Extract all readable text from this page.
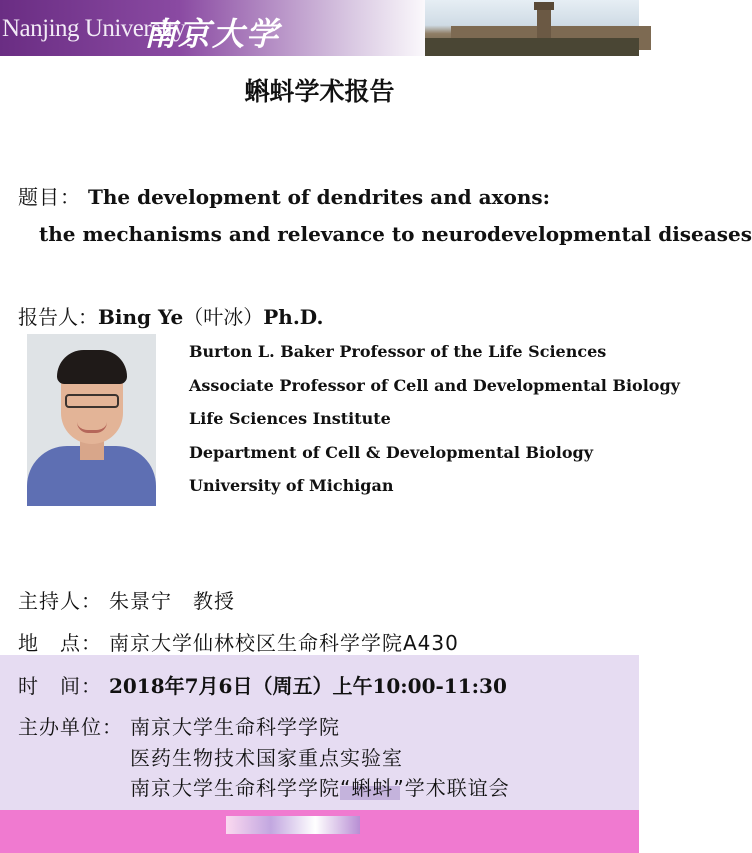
Nanjing University
南京大学
蝌蚪学术报告
题目： The development of dendrites and axons:
the mechanisms and relevance to neurodevelopmental diseases
报告人：Bing Ye（叶冰）Ph.D.
Burton L. Baker Professor of the Life Sciences
Associate Professor of Cell and Developmental Biology
Life Sciences Institute
Department of Cell & Developmental Biology
University of Michigan
主持人： 朱景宁　教授
地　点： 南京大学仙林校区生命科学学院A430
时　间： 2018年7月6日（周五）上午10:00-11:30
主办单位： 南京大学生命科学学院
医药生物技术国家重点实验室
南京大学生命科学学院“蝌蚪”学术联谊会
